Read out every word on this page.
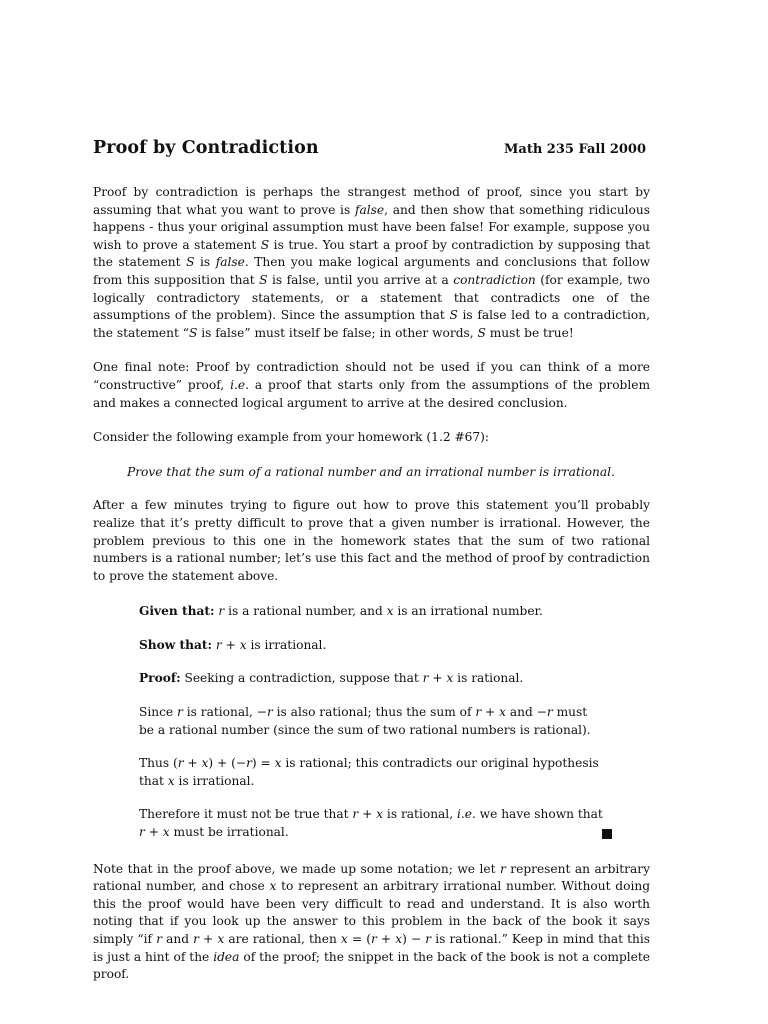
Proof by Contradiction	Math 235 Fall 2000

Proof by contradiction is perhaps the strangest method of proof, since you start by assuming that what you want to prove is false, and then show that something ridiculous happens - thus your original assumption must have been false! For example, suppose you wish to prove a statement S is true. You start a proof by contradiction by supposing that the statement S is false. Then you make logical arguments and conclusions that follow from this supposition that S is false, until you arrive at a contradiction (for example, two logically contradictory statements, or a statement that contradicts one of the assumptions of the problem). Since the assumption that S is false led to a contradiction, the statement “S is false” must itself be false; in other words, S must be true!

One final note: Proof by contradiction should not be used if you can think of a more “constructive” proof, i.e. a proof that starts only from the assumptions of the problem and makes a connected logical argument to arrive at the desired conclusion.

Consider the following example from your homework (1.2 #67):

Prove that the sum of a rational number and an irrational number is irrational.

After a few minutes trying to figure out how to prove this statement you’ll probably realize that it’s pretty difficult to prove that a given number is irrational. However, the problem previous to this one in the homework states that the sum of two rational numbers is a rational number; let’s use this fact and the method of proof by contradiction to prove the statement above.

Given that: r is a rational number, and x is an irrational number.

Show that: r + x is irrational.

Proof: Seeking a contradiction, suppose that r + x is rational.

Since r is rational, −r is also rational; thus the sum of r + x and −r must be a rational number (since the sum of two rational numbers is rational).

Thus (r + x) + (−r) = x is rational; this contradicts our original hypothesis that x is irrational.

Therefore it must not be true that r + x is rational, i.e. we have shown that r + x must be irrational.

Note that in the proof above, we made up some notation; we let r represent an arbitrary rational number, and chose x to represent an arbitrary irrational number. Without doing this the proof would have been very difficult to read and understand. It is also worth noting that if you look up the answer to this problem in the back of the book it says simply “if r and r + x are rational, then x = (r + x) − r is rational.” Keep in mind that this is just a hint of the idea of the proof; the snippet in the back of the book is not a complete proof.
